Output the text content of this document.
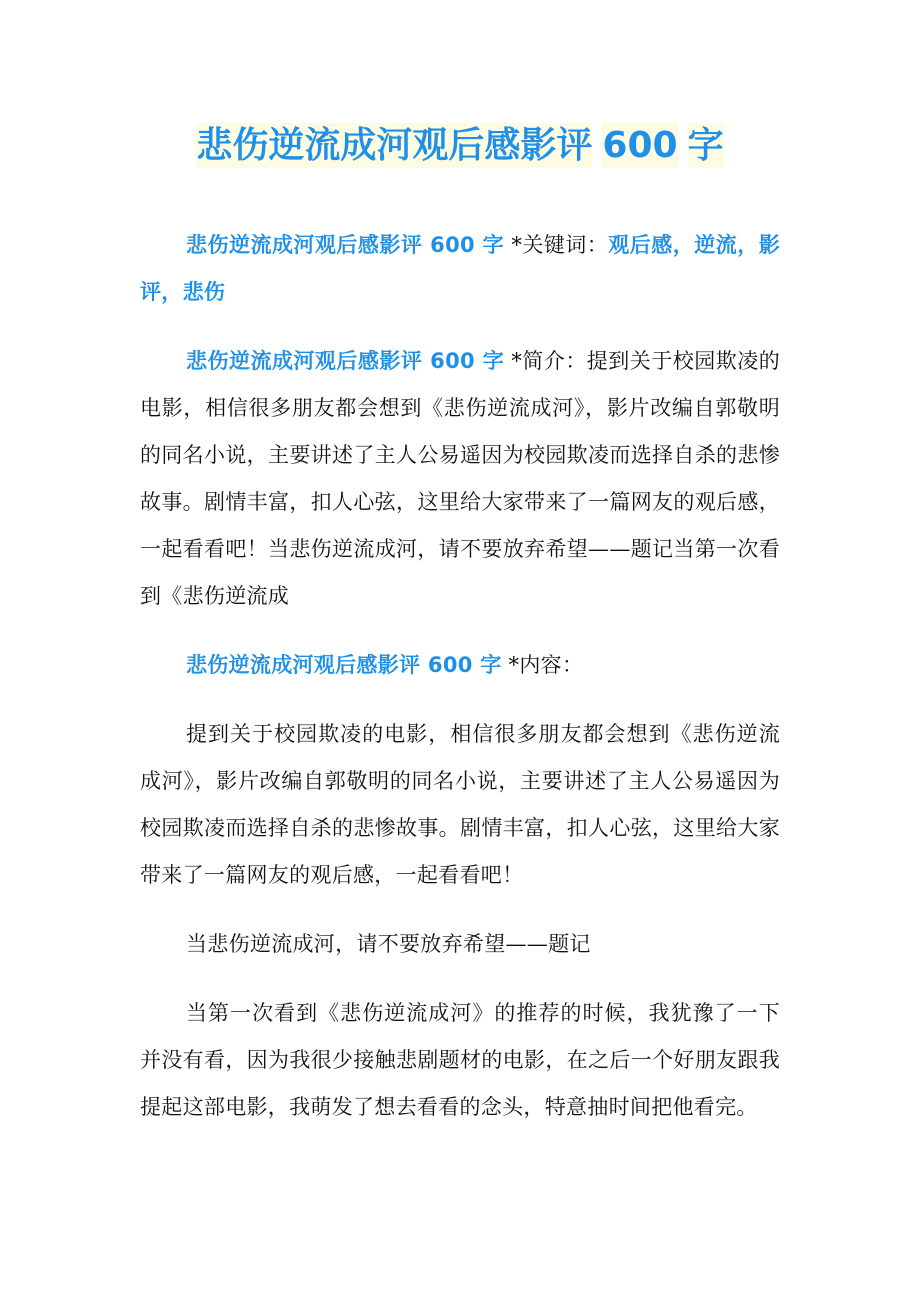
悲伤逆流成河观后感影评 600 字

悲伤逆流成河观后感影评 600 字 *关键词：观后感，逆流，影评，悲伤

悲伤逆流成河观后感影评 600 字 *简介：提到关于校园欺凌的电影，相信很多朋友都会想到《悲伤逆流成河》，影片改编自郭敬明的同名小说，主要讲述了主人公易遥因为校园欺凌而选择自杀的悲惨故事。剧情丰富，扣人心弦，这里给大家带来了一篇网友的观后感，一起看看吧！当悲伤逆流成河，请不要放弃希望——题记当第一次看到《悲伤逆流成

悲伤逆流成河观后感影评 600 字 *内容：

提到关于校园欺凌的电影，相信很多朋友都会想到《悲伤逆流成河》，影片改编自郭敬明的同名小说，主要讲述了主人公易遥因为校园欺凌而选择自杀的悲惨故事。剧情丰富，扣人心弦，这里给大家带来了一篇网友的观后感，一起看看吧！

当悲伤逆流成河，请不要放弃希望——题记

当第一次看到《悲伤逆流成河》的推荐的时候，我犹豫了一下并没有看，因为我很少接触悲剧题材的电影，在之后一个好朋友跟我提起这部电影，我萌发了想去看看的念头，特意抽时间把他看完。
